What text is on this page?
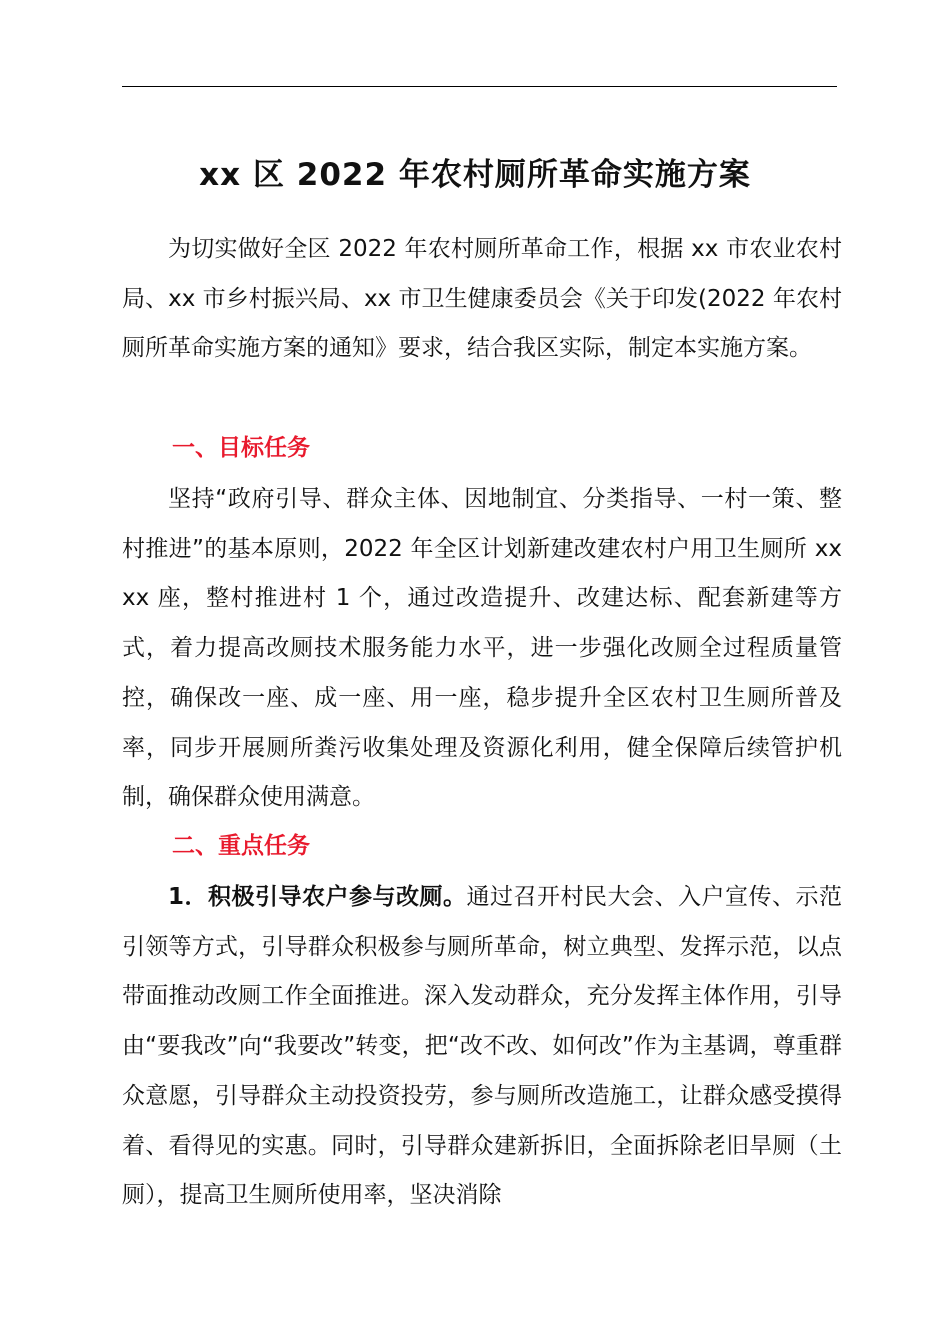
xx 区 2022 年农村厕所革命实施方案

为切实做好全区 2022 年农村厕所革命工作，根据 xx 市农业农村局、xx 市乡村振兴局、xx 市卫生健康委员会《关于印发(2022 年农村厕所革命实施方案的通知》要求，结合我区实际，制定本实施方案。

一、目标任务

坚持“政府引导、群众主体、因地制宜、分类指导、一村一策、整村推进”的基本原则，2022 年全区计划新建改建农村户用卫生厕所 xxxx 座，整村推进村 1 个，通过改造提升、改建达标、配套新建等方式，着力提高改厕技术服务能力水平，进一步强化改厕全过程质量管控，确保改一座、成一座、用一座，稳步提升全区农村卫生厕所普及率，同步开展厕所粪污收集处理及资源化利用，健全保障后续管护机制，确保群众使用满意。

二、重点任务

1．积极引导农户参与改厕。通过召开村民大会、入户宣传、示范引领等方式，引导群众积极参与厕所革命，树立典型、发挥示范，以点带面推动改厕工作全面推进。深入发动群众，充分发挥主体作用，引导由“要我改”向“我要改”转变，把“改不改、如何改”作为主基调，尊重群众意愿，引导群众主动投资投劳，参与厕所改造施工，让群众感受摸得着、看得见的实惠。同时，引导群众建新拆旧，全面拆除老旧旱厕（土厕），提高卫生厕所使用率，坚决消除
